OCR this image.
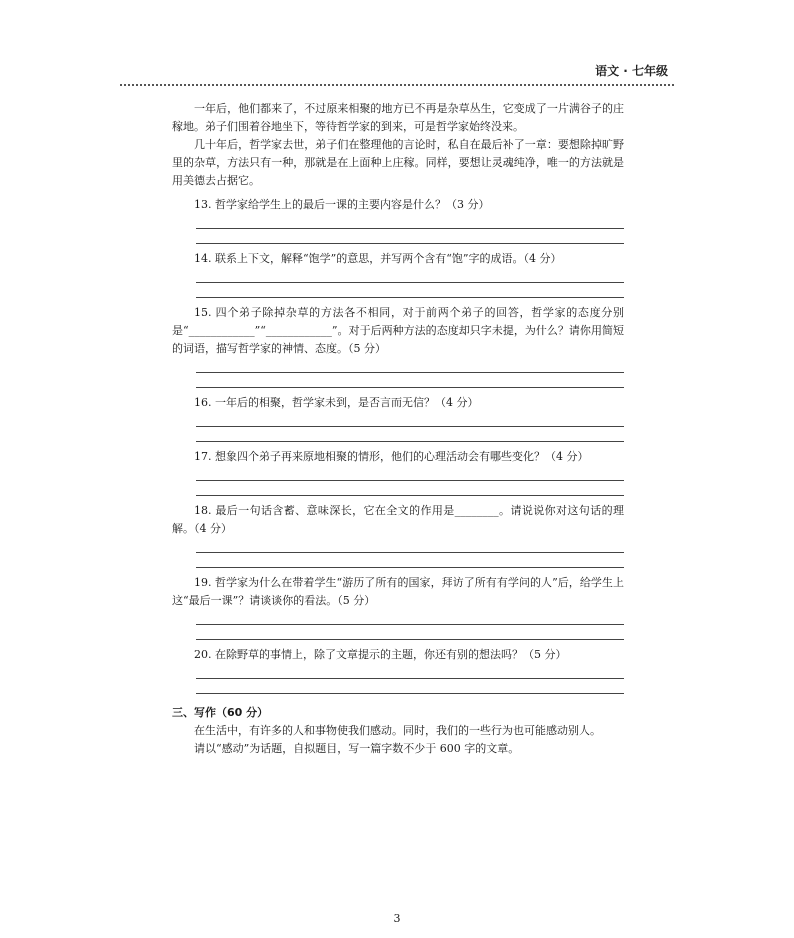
语文 · 七年级

一年后，他们都来了，不过原来相聚的地方已不再是杂草丛生，它变成了一片满谷子的庄稼地。弟子们围着谷地坐下，等待哲学家的到来，可是哲学家始终没来。

几十年后，哲学家去世，弟子们在整理他的言论时，私自在最后补了一章：要想除掉旷野里的杂草，方法只有一种，那就是在上面种上庄稼。同样，要想让灵魂纯净，唯一的方法就是用美德去占据它。

13. 哲学家给学生上的最后一课的主要内容是什么？（3 分）

14. 联系上下文，解释“饱学”的意思，并写两个含有“饱”字的成语。（4 分）

15. 四个弟子除掉杂草的方法各不相同，对于前两个弟子的回答，哲学家的态度分别是“____________”“____________”。对于后两种方法的态度却只字未提，为什么？请你用简短的词语，描写哲学家的神情、态度。（5 分）

16. 一年后的相聚，哲学家未到，是否言而无信？（4 分）

17. 想象四个弟子再来原地相聚的情形，他们的心理活动会有哪些变化？（4 分）

18. 最后一句话含蓄、意味深长，它在全文的作用是________。请说说你对这句话的理解。（4 分）

19. 哲学家为什么在带着学生“游历了所有的国家，拜访了所有有学问的人”后，给学生上这“最后一课”？请谈谈你的看法。（5 分）

20. 在除野草的事情上，除了文章提示的主题，你还有别的想法吗？（5 分）

三、写作（60 分）

在生活中，有许多的人和事物使我们感动。同时，我们的一些行为也可能感动别人。

请以“感动”为话题，自拟题目，写一篇字数不少于 600 字的文章。

3
